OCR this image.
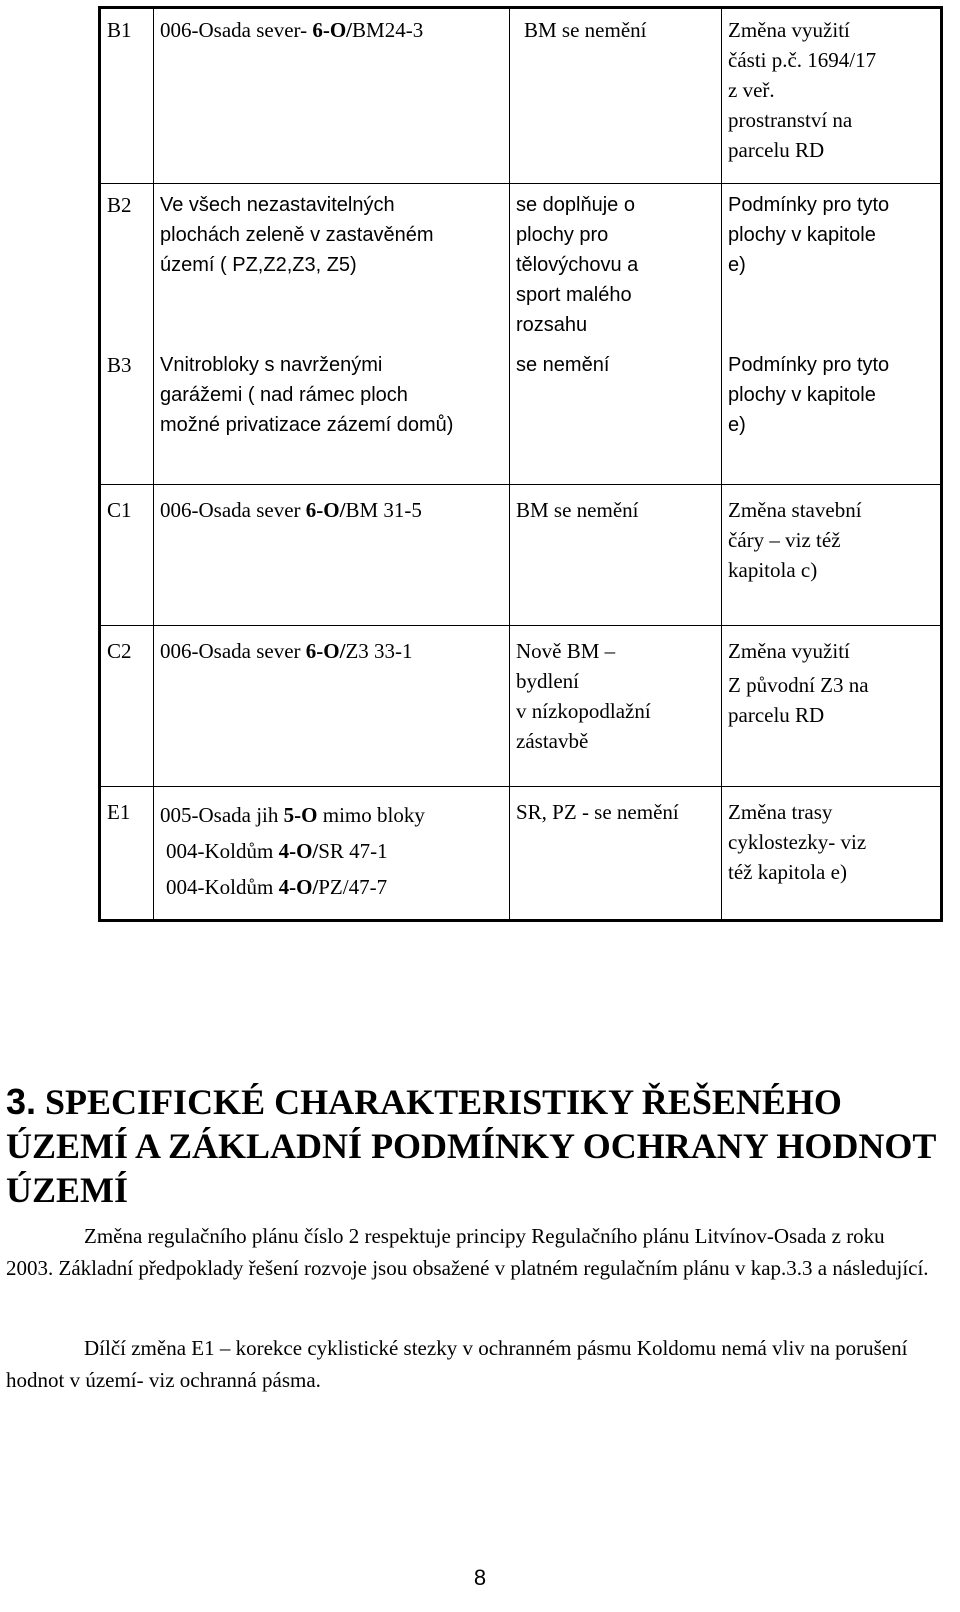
B1	006-Osada sever- 6-O/BM24-3	BM se nemění	Změna využití
části p.č. 1694/17
z veř.
prostranství na
parcelu RD

B2	Ve všech nezastavitelných
plochách zeleně v zastavěném
území ( PZ,Z2,Z3, Z5)	se doplňuje o
plochy pro
tělovýchovu a
sport malého
rozsahu	Podmínky pro tyto
plochy v kapitole
e)

B3	Vnitrobloky s navrženými
garážemi ( nad rámec ploch
možné privatizace zázemí domů)	se nemění	Podmínky pro tyto
plochy v kapitole
e)

C1	006-Osada sever 6-O/BM 31-5	BM se nemění	Změna stavební
čáry – viz též
kapitola c)

C2	006-Osada sever 6-O/Z3 33-1	Nově BM –
bydlení
v nízkopodlažní
zástavbě	Změna využití
Z původní Z3 na
parcelu RD

E1	005-Osada jih 5-O mimo bloky
004-Koldům 4-O/SR 47-1
004-Koldům 4-O/PZ/47-7	SR, PZ - se nemění	Změna trasy
cyklostezky- viz
též kapitola e)
3. SPECIFICKÉ CHARAKTERISTIKY ŘEŠENÉHO ÚZEMÍ A ZÁKLADNÍ PODMÍNKY OCHRANY HODNOT ÚZEMÍ

Změna regulačního plánu číslo 2 respektuje principy Regulačního plánu Litvínov-Osada z roku 2003. Základní předpoklady řešení rozvoje jsou obsažené v platném regulačním plánu v kap.3.3 a následující.

Dílčí změna E1 – korekce cyklistické stezky v ochranném pásmu Koldomu nemá vliv na porušení hodnot v území- viz ochranná pásma.

8
